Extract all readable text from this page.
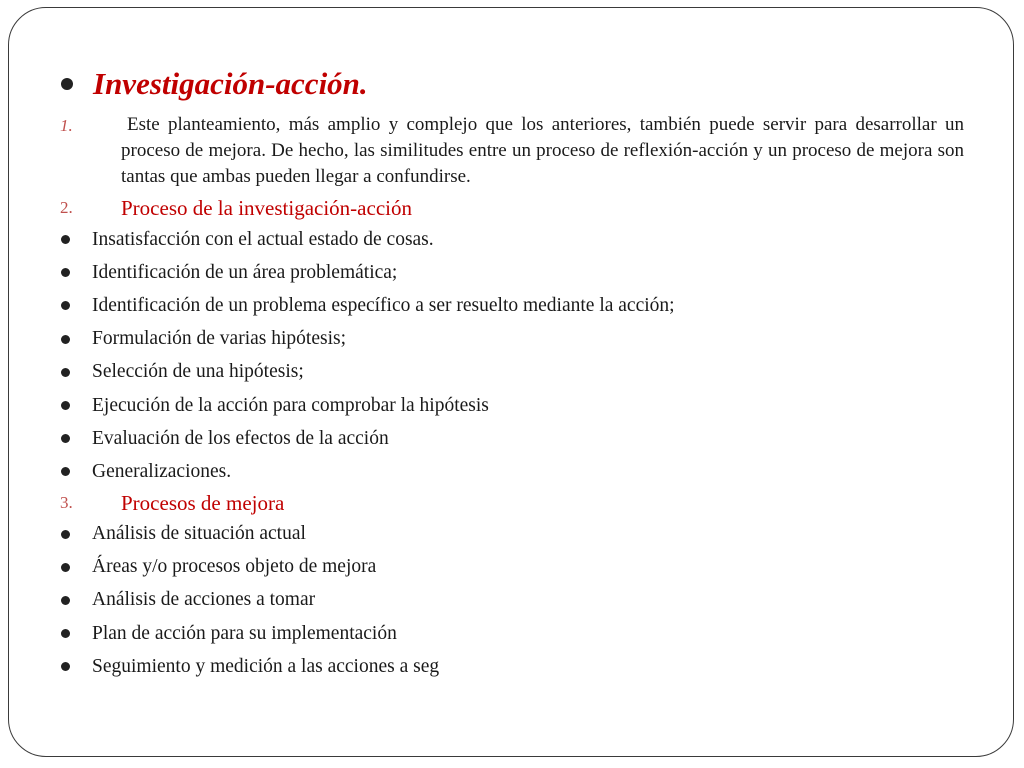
Investigación-acción.
1.	Este planteamiento, más amplio y complejo que los anteriores, también puede servir para desarrollar un proceso de mejora. De hecho, las similitudes entre un proceso de reflexión-acción y un proceso de mejora son tantas que ambas pueden llegar a confundirse.
2.	Proceso de la investigación-acción
Insatisfacción con el actual estado de cosas.
Identificación de un área problemática;
Identificación de un problema específico a ser resuelto mediante la acción;
Formulación de varias hipótesis;
Selección de una hipótesis;
Ejecución de la acción para comprobar la hipótesis
Evaluación de los efectos de la acción
Generalizaciones.
3.	Procesos de mejora
Análisis de situación actual
Áreas y/o procesos objeto de mejora
Análisis de acciones a tomar
Plan de acción para su implementación
Seguimiento y medición a las acciones a seg
